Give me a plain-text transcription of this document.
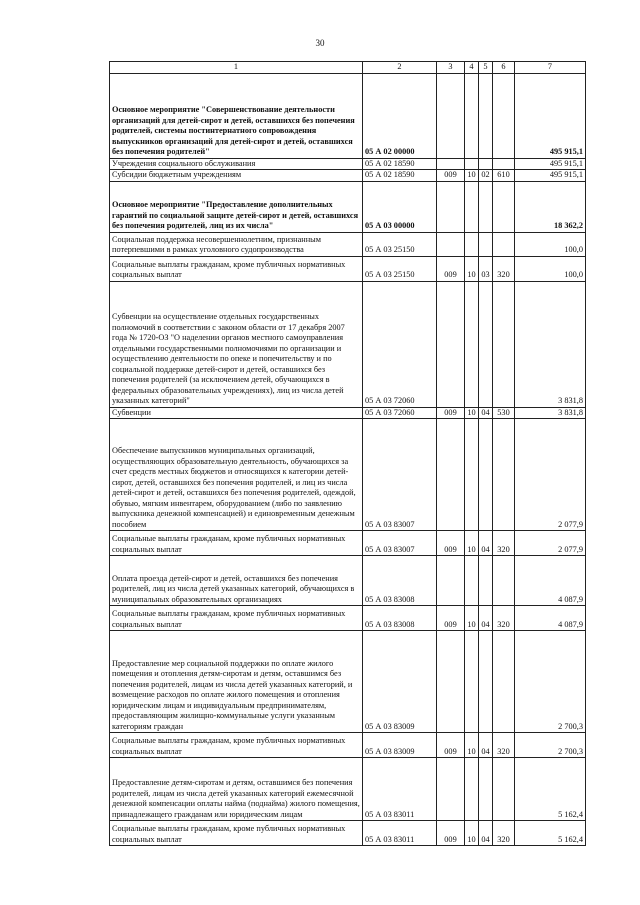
30
1	2	3	4	5	6	7
Основное мероприятие "Совершенствование деятельности организаций для детей-сирот и детей, оставшихся без попечения родителей, системы постинтернатного сопровождения выпускников организаций для детей-сирот и детей, оставшихся без попечения родителей"	05 А 02 00000					495 915,1
Учреждения социального обслуживания	05 А 02 18590					495 915,1
Субсидии бюджетным учреждениям	05 А 02 18590	009	10	02	610	495 915,1
Основное мероприятие "Предоставление дополнительных гарантий по социальной защите детей-сирот и детей, оставшихся без попечения родителей, лиц из их числа"	05 А 03 00000					18 362,2
Социальная поддержка несовершеннолетним, признанным потерпевшими в рамках уголовного судопроизводства	05 А 03 25150					100,0
Социальные выплаты гражданам, кроме публичных нормативных социальных выплат	05 А 03 25150	009	10	03	320	100,0
Субвенции на осуществление отдельных государственных полномочий в соответствии с законом области от 17 декабря 2007 года № 1720-ОЗ "О наделении органов местного самоуправления отдельными государственными полномочиями по организации и осуществлению деятельности по опеке и попечительству и по социальной поддержке детей-сирот и детей, оставшихся без попечения родителей (за исключением детей, обучающихся в федеральных образовательных учреждениях), лиц из числа детей указанных категорий"	05 А 03 72060					3 831,8
Субвенции	05 А 03 72060	009	10	04	530	3 831,8
Обеспечение выпускников муниципальных организаций, осуществляющих образовательную деятельность, обучающихся за счет средств местных бюджетов и относящихся к категории детей-сирот, детей, оставшихся без попечения родителей, и лиц из числа детей-сирот и детей, оставшихся без попечения родителей, одеждой, обувью, мягким инвентарем, оборудованием (либо по заявлению выпускника денежной компенсацией) и единовременным денежным пособием	05 А 03 83007					2 077,9
Социальные выплаты гражданам, кроме публичных нормативных социальных выплат	05 А 03 83007	009	10	04	320	2 077,9
Оплата проезда детей-сирот и детей, оставшихся без попечения родителей, лиц из числа детей указанных категорий, обучающихся в муниципальных образовательных организациях	05 А 03 83008					4 087,9
Социальные выплаты гражданам, кроме публичных нормативных социальных выплат	05 А 03 83008	009	10	04	320	4 087,9
Предоставление мер социальной поддержки по оплате жилого помещения и отопления детям-сиротам и детям, оставшимся без попечения родителей, лицам из числа детей указанных категорий, и возмещение расходов по оплате жилого помещения и отопления юридическим лицам и индивидуальным предпринимателям, предоставляющим жилищно-коммунальные услуги указанным категориям граждан	05 А 03 83009					2 700,3
Социальные выплаты гражданам, кроме публичных нормативных социальных выплат	05 А 03 83009	009	10	04	320	2 700,3
Предоставление детям-сиротам и детям, оставшимся без попечения родителей, лицам из числа детей указанных категорий ежемесячной денежной компенсации оплаты найма (поднайма) жилого помещения, принадлежащего гражданам или юридическим лицам	05 А 03 83011					5 162,4
Социальные выплаты гражданам, кроме публичных нормативных социальных выплат	05 А 03 83011	009	10	04	320	5 162,4
